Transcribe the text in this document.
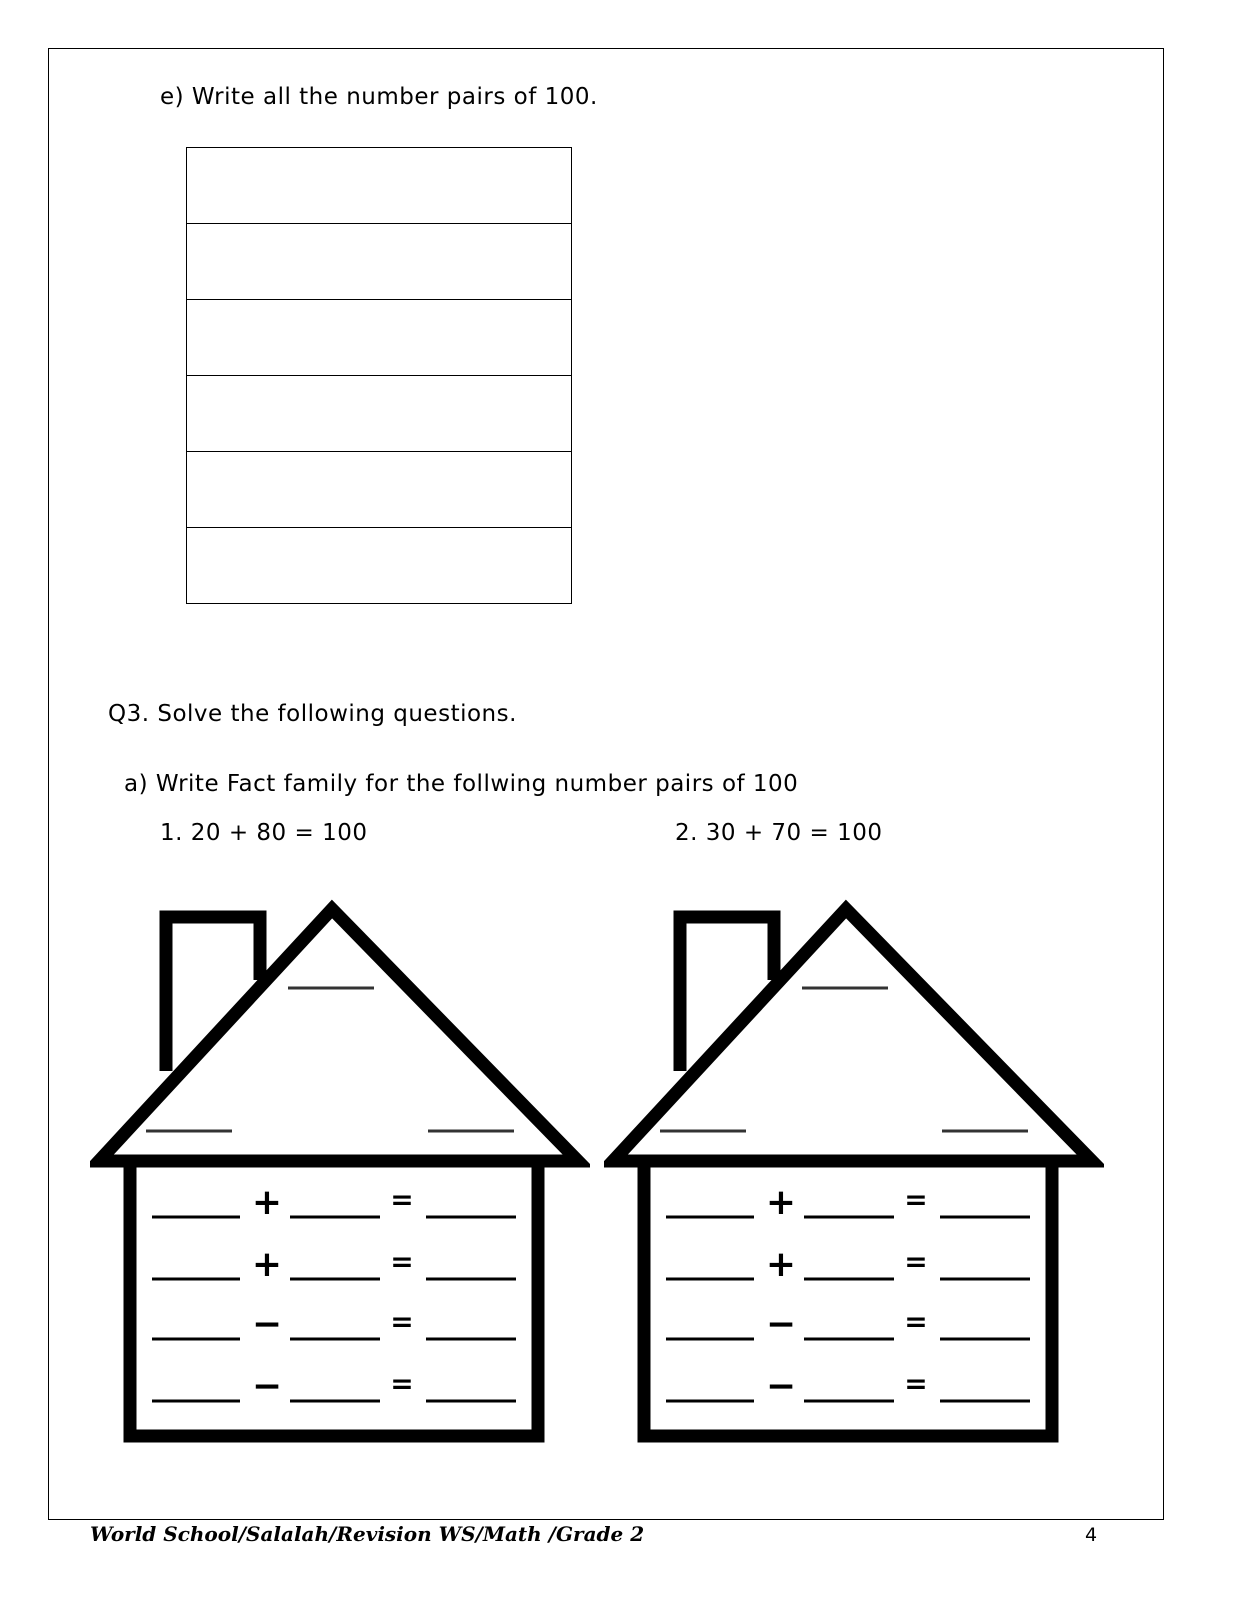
e) Write all the number pairs of 100.

Q3. Solve the following questions.
a) Write Fact family for the follwing number pairs of 100
1. 20 + 80 = 100	2. 30 + 70 = 100
+	=
+	=
−	=
−	=
+	=
+	=
−	=
−	=
World School/Salalah/Revision WS/Math /Grade 2	4
